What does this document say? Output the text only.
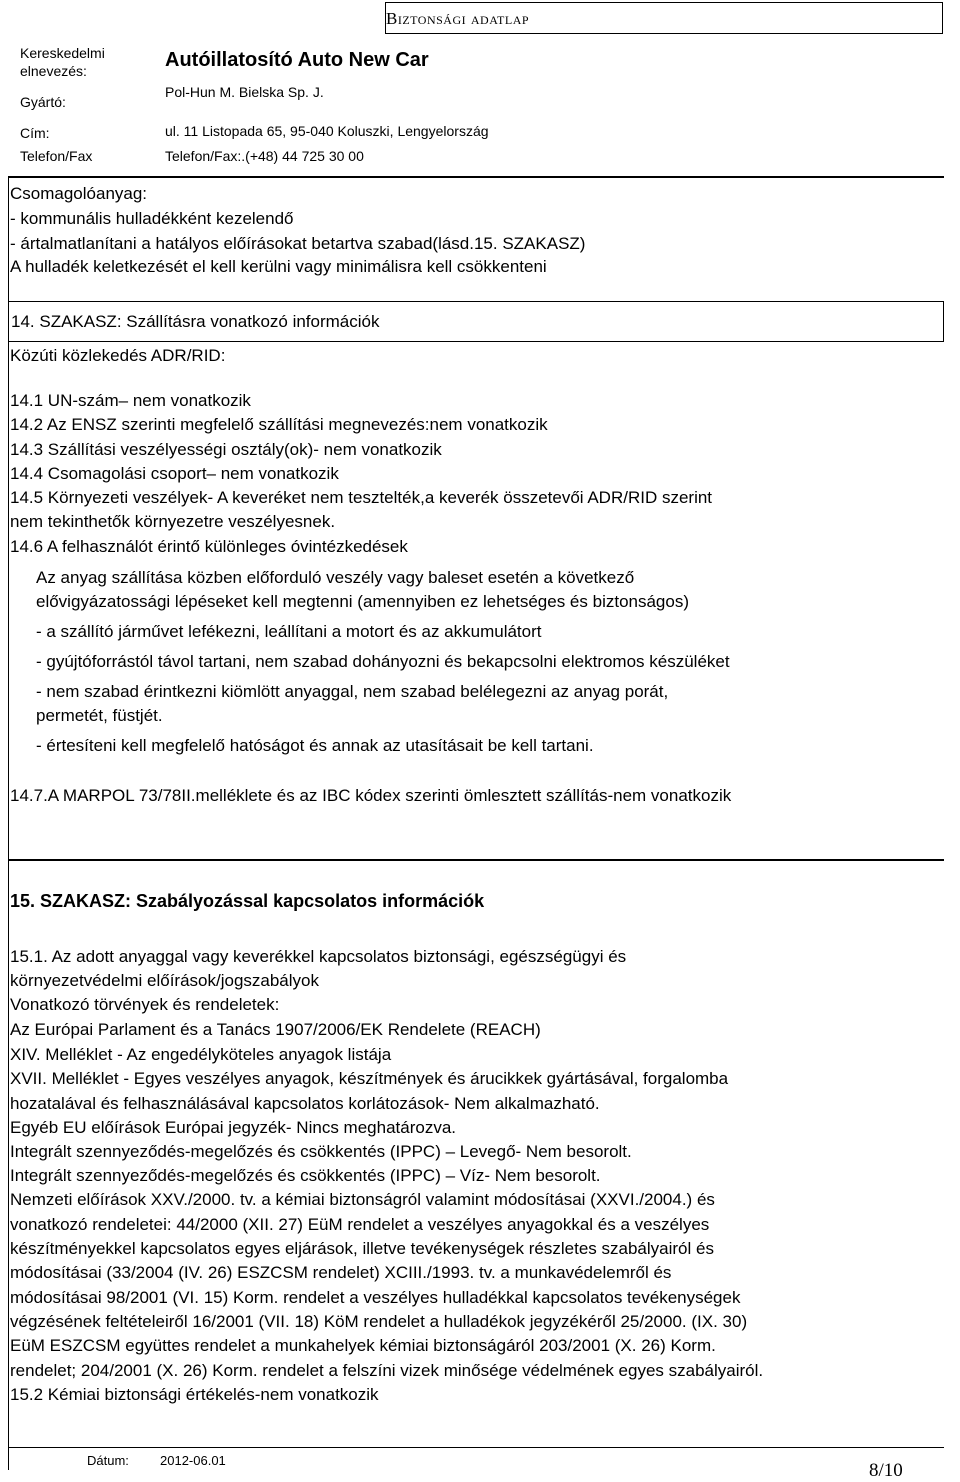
Biztonsági adatlap
Kereskedelmi
elnevezés:	Autóillatosító Auto New Car
Gyártó:
Pol-Hun M. Bielska Sp. J.
Cím:	ul. 11 Listopada 65, 95-040 Koluszki, Lengyelország
Telefon/Fax	Telefon/Fax:.(+48) 44 725 30 00
Csomagolóanyag:
- kommunális hulladékként kezelendő
- ártalmatlanítani a hatályos előírásokat betartva szabad(lásd.15. SZAKASZ)
A hulladék keletkezését el kell kerülni vagy minimálisra kell csökkenteni
14. SZAKASZ: Szállításra vonatkozó információk
Közúti közlekedés ADR/RID:
14.1 UN-szám– nem vonatkozik
14.2 Az ENSZ szerinti megfelelő szállítási megnevezés:nem vonatkozik
14.3 Szállítási veszélyességi osztály(ok)- nem vonatkozik
14.4 Csomagolási csoport– nem vonatkozik
14.5 Környezeti veszélyek- A keveréket nem tesztelték,a keverék összetevői ADR/RID szerint
nem tekinthetők környezetre veszélyesnek.
14.6 A felhasználót érintő különleges óvintézkedések
Az anyag szállítása közben előforduló veszély vagy baleset esetén a következő
elővigyázatossági lépéseket kell megtenni (amennyiben ez lehetséges és biztonságos)
- a szállító járművet lefékezni, leállítani a motort és az akkumulátort
- gyújtóforrástól távol tartani, nem szabad dohányozni és bekapcsolni elektromos készüléket
- nem szabad érintkezni kiömlött anyaggal, nem szabad belélegezni az anyag porát,
permetét, füstjét.
- értesíteni kell megfelelő hatóságot és annak az utasításait be kell tartani.
14.7.A MARPOL 73/78II.melléklete és az IBC kódex szerinti ömlesztett szállítás-nem vonatkozik
15. SZAKASZ: Szabályozással kapcsolatos információk
15.1. Az adott anyaggal vagy keverékkel kapcsolatos biztonsági, egészségügyi és
környezetvédelmi előírások/jogszabályok
Vonatkozó törvények és rendeletek:
Az Európai Parlament és a Tanács 1907/2006/EK Rendelete (REACH)
XIV. Melléklet - Az engedélyköteles anyagok listája
XVII. Melléklet - Egyes veszélyes anyagok, készítmények és árucikkek gyártásával, forgalomba
hozatalával és felhasználásával kapcsolatos korlátozások- Nem alkalmazható.
Egyéb EU előírások Európai jegyzék- Nincs meghatározva.
Integrált szennyeződés-megelőzés és csökkentés (IPPC) – Levegő- Nem besorolt.
Integrált szennyeződés-megelőzés és csökkentés (IPPC) – Víz- Nem besorolt.
Nemzeti előírások XXV./2000. tv. a kémiai biztonságról valamint módosításai (XXVI./2004.) és
vonatkozó rendeletei: 44/2000 (XII. 27) EüM rendelet a veszélyes anyagokkal és a veszélyes
készítményekkel kapcsolatos egyes eljárások, illetve tevékenységek részletes szabályairól és
módosításai (33/2004 (IV. 26) ESZCSM rendelet) XCIII./1993. tv. a munkavédelemről és
módosításai 98/2001 (VI. 15) Korm. rendelet a veszélyes hulladékkal kapcsolatos tevékenységek
végzésének feltételeiről 16/2001 (VII. 18) KöM rendelet a hulladékok jegyzékéről 25/2000. (IX. 30)
EüM ESZCSM együttes rendelet a munkahelyek kémiai biztonságáról 203/2001 (X. 26) Korm.
rendelet; 204/2001 (X. 26) Korm. rendelet a felszíni vizek minősége védelmének egyes szabályairól.
15.2 Kémiai biztonsági értékelés-nem vonatkozik
Dátum: 2012-06.01	8/10
